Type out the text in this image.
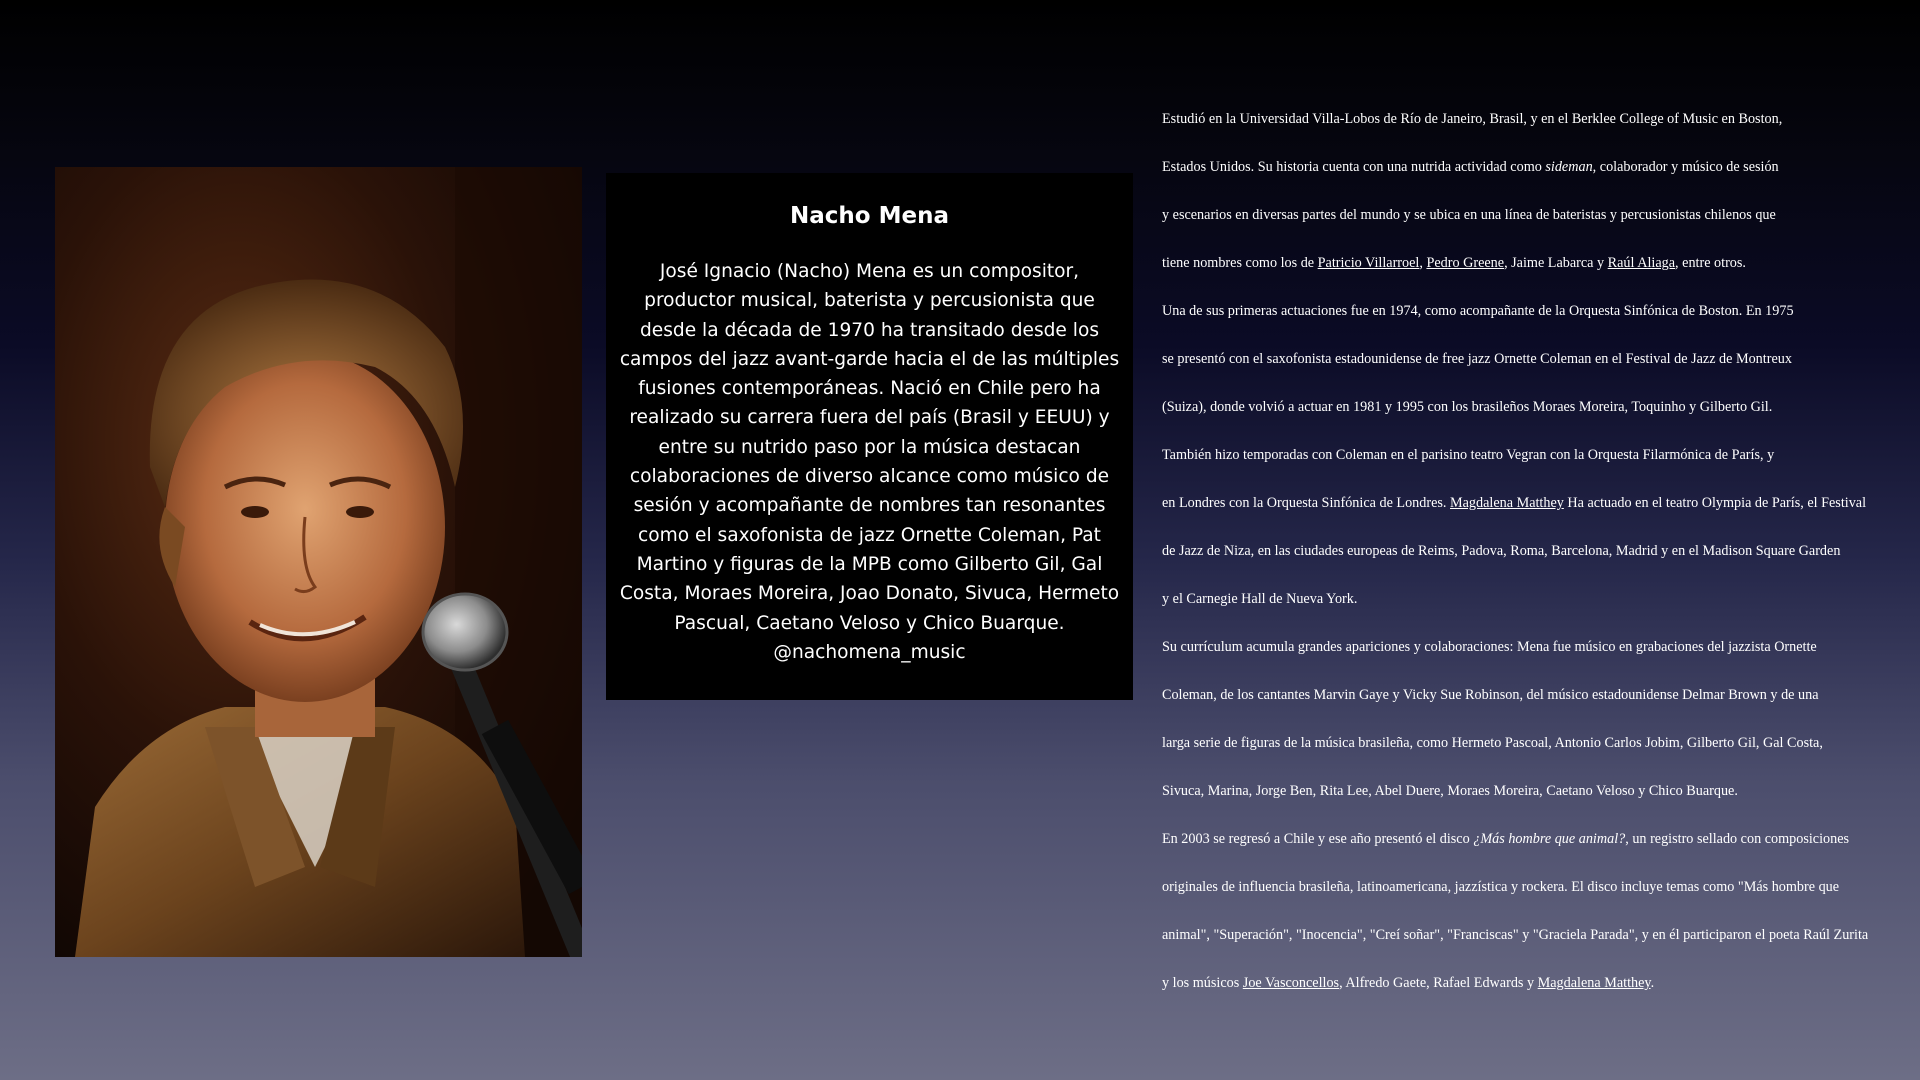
Nacho Mena

José Ignacio (Nacho) Mena es un compositor, productor musical, baterista y percusionista que desde la década de 1970 ha transitado desde los campos del jazz avant-garde hacia el de las múltiples fusiones contemporáneas. Nació en Chile pero ha realizado su carrera fuera del país (Brasil y EEUU) y entre su nutrido paso por la música destacan colaboraciones de diverso alcance como músico de sesión y acompañante de nombres tan resonantes como el saxofonista de jazz Ornette Coleman, Pat Martino y figuras de la MPB como Gilberto Gil, Gal Costa, Moraes Moreira, Joao Donato, Sivuca, Hermeto Pascual, Caetano Veloso y Chico Buarque.
@nachomena_music

Estudió en la Universidad Villa-Lobos de Río de Janeiro, Brasil, y en el Berklee College of Music en Boston,

Estados Unidos. Su historia cuenta con una nutrida actividad como sideman, colaborador y músico de sesión

y escenarios en diversas partes del mundo y se ubica en una línea de bateristas y percusionistas chilenos que

tiene nombres como los de Patricio Villarroel, Pedro Greene, Jaime Labarca y Raúl Aliaga, entre otros.

Una de sus primeras actuaciones fue en 1974, como acompañante de la Orquesta Sinfónica de Boston. En 1975

se presentó con el saxofonista estadounidense de free jazz Ornette Coleman en el Festival de Jazz de Montreux

(Suiza), donde volvió a actuar en 1981 y 1995 con los brasileños Moraes Moreira, Toquinho y Gilberto Gil.

También hizo temporadas con Coleman en el parisino teatro Vegran con la Orquesta Filarmónica de París, y

en Londres con la Orquesta Sinfónica de Londres. Magdalena Matthey Ha actuado en el teatro Olympia de París, el Festival

de Jazz de Niza, en las ciudades europeas de Reims, Padova, Roma, Barcelona, Madrid y en el Madison Square Garden

y el Carnegie Hall de Nueva York.

Su currículum acumula grandes apariciones y colaboraciones: Mena fue músico en grabaciones del jazzista Ornette

Coleman, de los cantantes Marvin Gaye y Vicky Sue Robinson, del músico estadounidense Delmar Brown y de una

larga serie de figuras de la música brasileña, como Hermeto Pascoal, Antonio Carlos Jobim, Gilberto Gil, Gal Costa,

Sivuca, Marina, Jorge Ben, Rita Lee, Abel Duere, Moraes Moreira, Caetano Veloso y Chico Buarque.

En 2003 se regresó a Chile y ese año presentó el disco ¿Más hombre que animal?, un registro sellado con composiciones

originales de influencia brasileña, latinoamericana, jazzística y rockera. El disco incluye temas como "Más hombre que

animal", "Superación", "Inocencia", "Creí soñar", "Franciscas" y "Graciela Parada", y en él participaron el poeta Raúl Zurita

y los músicos Joe Vasconcellos, Alfredo Gaete, Rafael Edwards y Magdalena Matthey.
